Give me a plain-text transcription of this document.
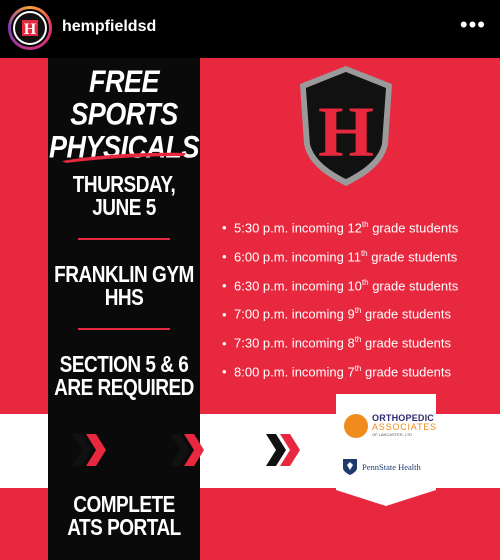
H hempfieldsd	•••
FREE SPORTS PHYSICALS
THURSDAY,
JUNE 5
FRANKLIN GYM
HHS
SECTION 5 & 6
ARE REQUIRED
COMPLETE
ATS PORTAL
H
• 5:30 p.m. incoming 12th grade students
• 6:00 p.m. incoming 11th grade students
• 6:30 p.m. incoming 10th grade students
• 7:00 p.m. incoming 9th grade students
• 7:30 p.m. incoming 8th grade students
• 8:00 p.m. incoming 7th grade students
ORTHOPEDIC
ASSOCIATES
OF LANCASTER, LTD
PennState Health
